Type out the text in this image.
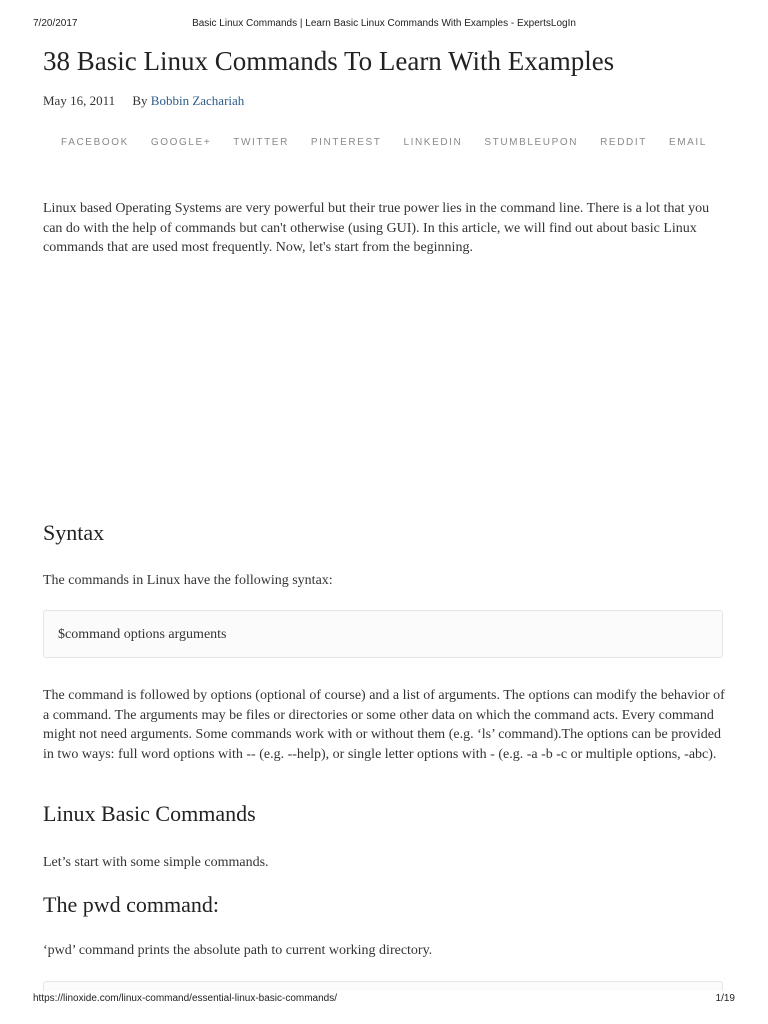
7/20/2017	Basic Linux Commands | Learn Basic Linux Commands With Examples - ExpertsLogIn
38 Basic Linux Commands To Learn With Examples
May 16, 2011 By Bobbin Zachariah
FACEBOOK GOOGLE+ TWITTER PINTEREST LINKEDIN STUMBLEUPON REDDIT EMAIL

Linux based Operating Systems are very powerful but their true power lies in the command line. There is a lot that you can do with the help of commands but can't otherwise (using GUI). In this article, we will find out about basic Linux commands that are used most frequently. Now, let's start from the beginning.

Syntax

The commands in Linux have the following syntax:

$command options arguments

The command is followed by options (optional of course) and a list of arguments. The options can modify the behavior of a command. The arguments may be files or directories or some other data on which the command acts. Every command might not need arguments. Some commands work with or without them (e.g. ‘ls’ command).The options can be provided in two ways: full word options with -- (e.g. --help), or single letter options with - (e.g. -a -b -c or multiple options, -abc).

Linux Basic Commands

Let’s start with some simple commands.

The pwd command:

‘pwd’ command prints the absolute path to current working directory.

https://linoxide.com/linux-command/essential-linux-basic-commands/	1/19
